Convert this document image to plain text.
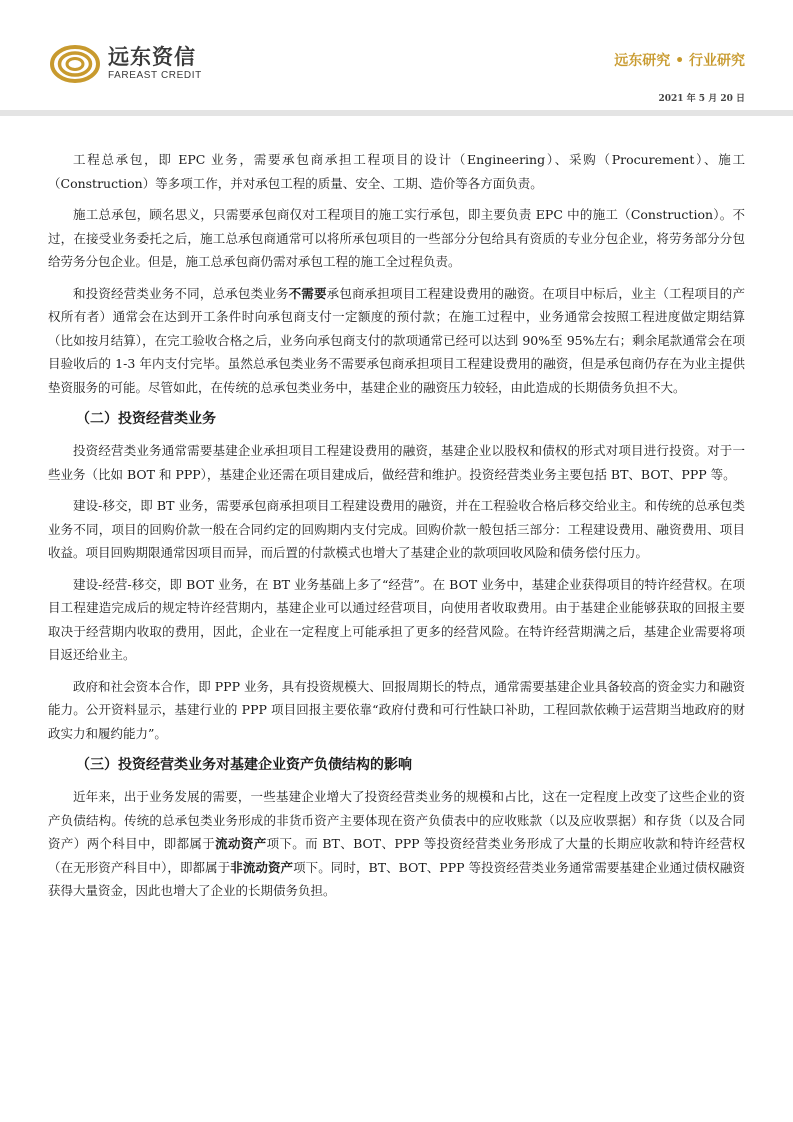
远东资信
FAREAST CREDIT
远东研究 • 行业研究
2021 年 5 月 20 日

工程总承包，即 EPC 业务，需要承包商承担工程项目的设计（Engineering）、采购（Procurement）、施工（Construction）等多项工作，并对承包工程的质量、安全、工期、造价等各方面负责。

施工总承包，顾名思义，只需要承包商仅对工程项目的施工实行承包，即主要负责 EPC 中的施工（Construction）。不过，在接受业务委托之后，施工总承包商通常可以将所承包项目的一些部分分包给具有资质的专业分包企业，将劳务部分分包给劳务分包企业。但是，施工总承包商仍需对承包工程的施工全过程负责。

和投资经营类业务不同，总承包类业务不需要承包商承担项目工程建设费用的融资。在项目中标后，业主（工程项目的产权所有者）通常会在达到开工条件时向承包商支付一定额度的预付款；在施工过程中，业务通常会按照工程进度做定期结算（比如按月结算），在完工验收合格之后，业务向承包商支付的款项通常已经可以达到 90%至 95%左右；剩余尾款通常会在项目验收后的 1-3 年内支付完毕。虽然总承包类业务不需要承包商承担项目工程建设费用的融资，但是承包商仍存在为业主提供垫资服务的可能。尽管如此，在传统的总承包类业务中，基建企业的融资压力较轻，由此造成的长期债务负担不大。

（二）投资经营类业务

投资经营类业务通常需要基建企业承担项目工程建设费用的融资，基建企业以股权和债权的形式对项目进行投资。对于一些业务（比如 BOT 和 PPP），基建企业还需在项目建成后，做经营和维护。投资经营类业务主要包括 BT、BOT、PPP 等。

建设-移交，即 BT 业务，需要承包商承担项目工程建设费用的融资，并在工程验收合格后移交给业主。和传统的总承包类业务不同，项目的回购价款一般在合同约定的回购期内支付完成。回购价款一般包括三部分：工程建设费用、融资费用、项目收益。项目回购期限通常因项目而异，而后置的付款模式也增大了基建企业的款项回收风险和债务偿付压力。

建设-经营-移交，即 BOT 业务，在 BT 业务基础上多了“经营”。在 BOT 业务中，基建企业获得项目的特许经营权。在项目工程建造完成后的规定特许经营期内，基建企业可以通过经营项目，向使用者收取费用。由于基建企业能够获取的回报主要取决于经营期内收取的费用，因此，企业在一定程度上可能承担了更多的经营风险。在特许经营期满之后，基建企业需要将项目返还给业主。

政府和社会资本合作，即 PPP 业务，具有投资规模大、回报周期长的特点，通常需要基建企业具备较高的资金实力和融资能力。公开资料显示，基建行业的 PPP 项目回报主要依靠“政府付费和可行性缺口补助，工程回款依赖于运营期当地政府的财政实力和履约能力”。

（三）投资经营类业务对基建企业资产负债结构的影响

近年来，出于业务发展的需要，一些基建企业增大了投资经营类业务的规模和占比，这在一定程度上改变了这些企业的资产负债结构。传统的总承包类业务形成的非货币资产主要体现在资产负债表中的应收账款（以及应收票据）和存货（以及合同资产）两个科目中，即都属于流动资产项下。而 BT、BOT、PPP 等投资经营类业务形成了大量的长期应收款和特许经营权（在无形资产科目中），即都属于非流动资产项下。同时，BT、BOT、PPP 等投资经营类业务通常需要基建企业通过债权融资获得大量资金，因此也增大了企业的长期债务负担。
